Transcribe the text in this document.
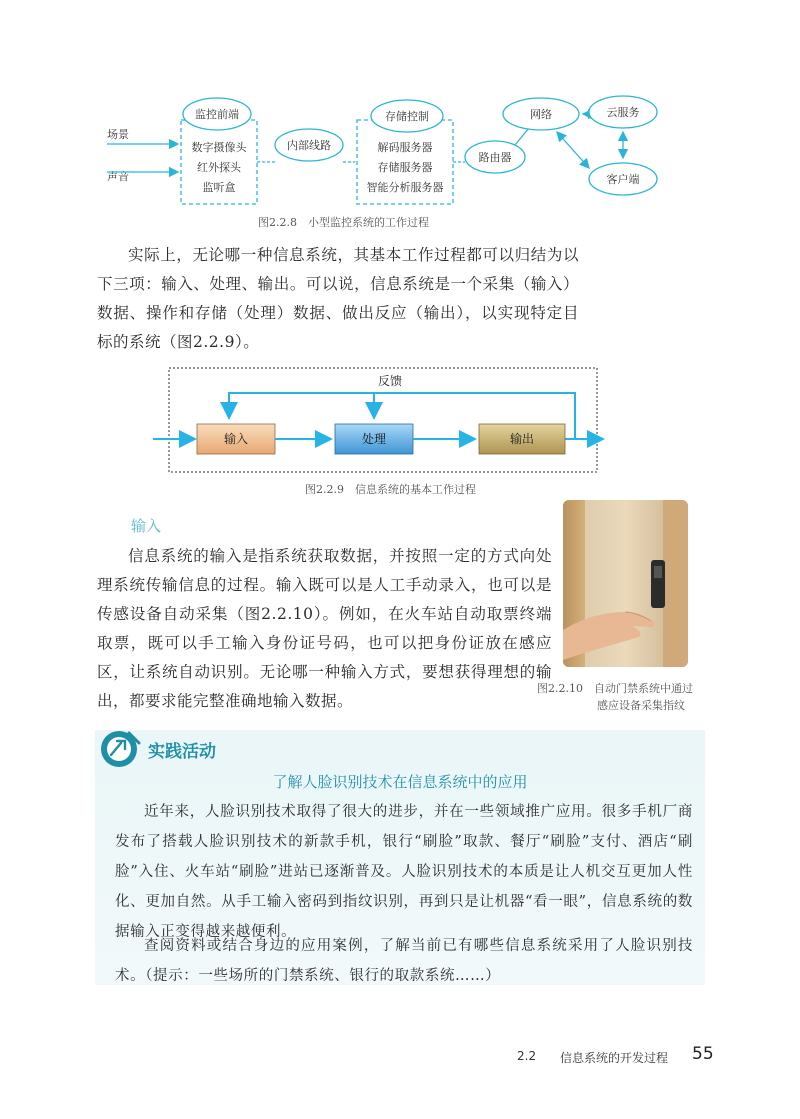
场景
声音
监控前端
数字摄像头
红外探头
监听盒
内部线路
存储控制
解码服务器
存储服务器
智能分析服务器
路由器
网络	云服务
客户端
图2.2.8　小型监控系统的工作过程

实际上，无论哪一种信息系统，其基本工作过程都可以归结为以下三项：输入、处理、输出。可以说，信息系统是一个采集（输入）数据、操作和存储（处理）数据、做出反应（输出），以实现特定目标的系统（图2.2.9）。

反馈
输入	处理	输出
图2.2.9　信息系统的基本工作过程
输入

信息系统的输入是指系统获取数据，并按照一定的方式向处理系统传输信息的过程。输入既可以是人工手动录入，也可以是传感设备自动采集（图2.2.10）。例如，在火车站自动取票终端取票，既可以手工输入身份证号码，也可以把身份证放在感应区，让系统自动识别。无论哪一种输入方式，要想获得理想的输出，都要求能完整准确地输入数据。

图2.2.10　自动门禁系统中通过
感应设备采集指纹
实践活动
了解人脸识别技术在信息系统中的应用

近年来，人脸识别技术取得了很大的进步，并在一些领域推广应用。很多手机厂商发布了搭载人脸识别技术的新款手机，银行“刷脸”取款、餐厅“刷脸”支付、酒店“刷脸”入住、火车站“刷脸”进站已逐渐普及。人脸识别技术的本质是让人机交互更加人性化、更加自然。从手工输入密码到指纹识别，再到只是让机器“看一眼”，信息系统的数据输入正变得越来越便利。

查阅资料或结合身边的应用案例，了解当前已有哪些信息系统采用了人脸识别技术。（提示：一些场所的门禁系统、银行的取款系统……）

2.2 信息系统的开发过程 55
